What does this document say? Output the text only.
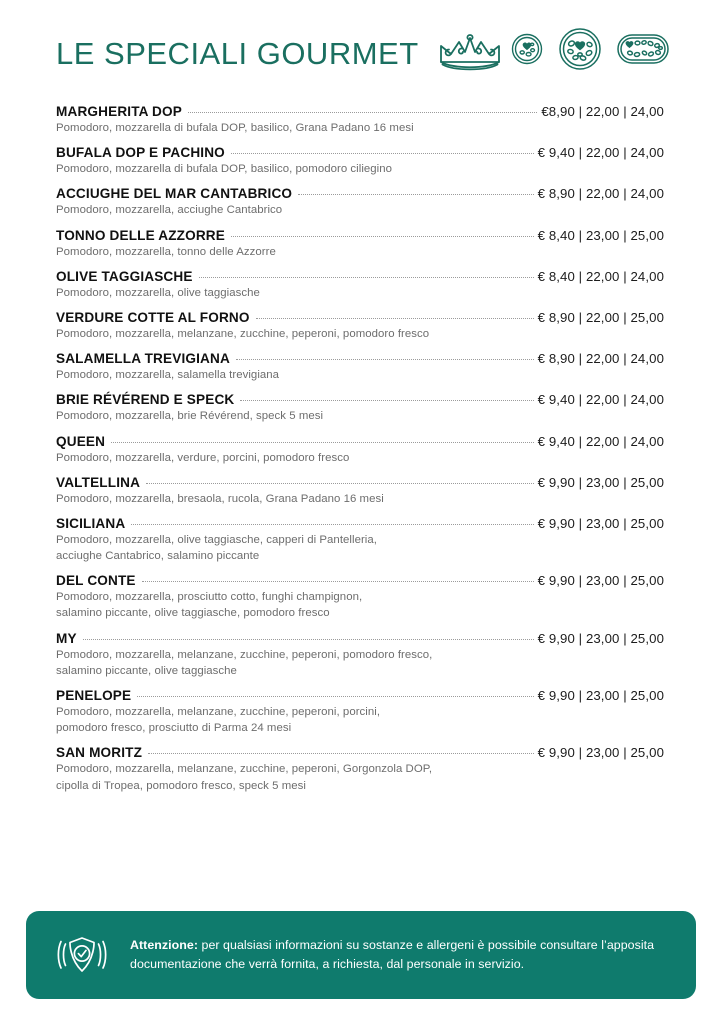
LE SPECIALI GOURMET
MARGHERITA DOP	€8,90 | 22,00 | 24,00
Pomodoro, mozzarella di bufala DOP, basilico, Grana Padano 16 mesi
BUFALA DOP E PACHINO	€ 9,40 | 22,00 | 24,00
Pomodoro, mozzarella di bufala DOP, basilico, pomodoro ciliegino
ACCIUGHE DEL MAR CANTABRICO	€ 8,90 | 22,00 | 24,00
Pomodoro, mozzarella, acciughe Cantabrico
TONNO DELLE AZZORRE	€ 8,40 | 23,00 | 25,00
Pomodoro, mozzarella, tonno delle Azzorre
OLIVE TAGGIASCHE	€ 8,40 | 22,00 | 24,00
Pomodoro, mozzarella, olive taggiasche
VERDURE COTTE AL FORNO	€ 8,90 | 22,00 | 25,00
Pomodoro, mozzarella, melanzane, zucchine, peperoni, pomodoro fresco
SALAMELLA TREVIGIANA	€ 8,90 | 22,00 | 24,00
Pomodoro, mozzarella, salamella trevigiana
BRIE RÉVÉREND E SPECK	€ 9,40 | 22,00 | 24,00
Pomodoro, mozzarella, brie Révérend, speck 5 mesi
QUEEN	€ 9,40 | 22,00 | 24,00
Pomodoro, mozzarella, verdure, porcini, pomodoro fresco
VALTELLINA	€ 9,90 | 23,00 | 25,00
Pomodoro, mozzarella, bresaola, rucola, Grana Padano 16 mesi
SICILIANA	€ 9,90 | 23,00 | 25,00
Pomodoro, mozzarella, olive taggiasche, capperi di Pantelleria,
acciughe Cantabrico, salamino piccante
DEL CONTE	€ 9,90 | 23,00 | 25,00
Pomodoro, mozzarella, prosciutto cotto, funghi champignon,
salamino piccante, olive taggiasche, pomodoro fresco
MY	€ 9,90 | 23,00 | 25,00
Pomodoro, mozzarella, melanzane, zucchine, peperoni, pomodoro fresco,
salamino piccante, olive taggiasche
PENELOPE	€ 9,90 | 23,00 | 25,00
Pomodoro, mozzarella, melanzane, zucchine, peperoni, porcini,
pomodoro fresco, prosciutto di Parma 24 mesi
SAN MORITZ	€ 9,90 | 23,00 | 25,00
Pomodoro, mozzarella, melanzane, zucchine, peperoni, Gorgonzola DOP,
cipolla di Tropea, pomodoro fresco, speck 5 mesi
Attenzione: per qualsiasi informazioni su sostanze e allergeni è possibile consultare l’apposita documentazione che verrà fornita, a richiesta, dal personale in servizio.
